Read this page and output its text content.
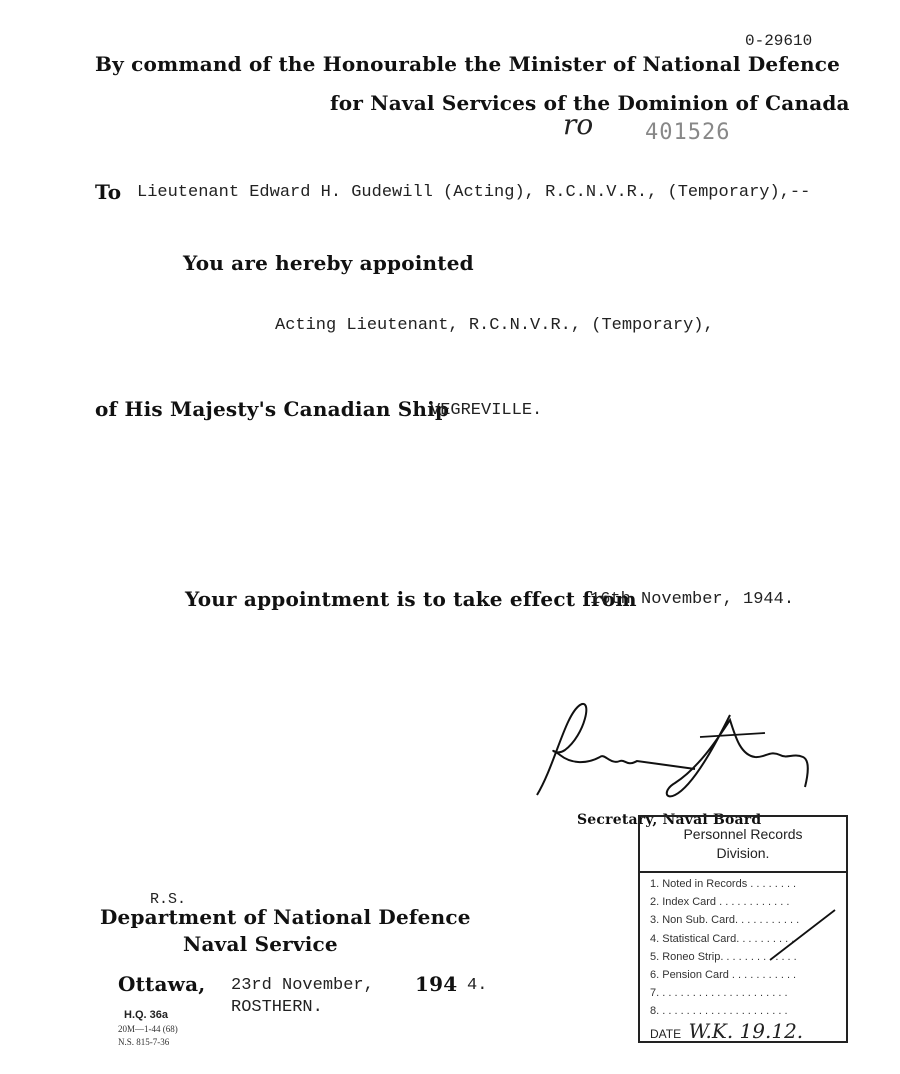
0-29610
By command of the Honourable the Minister of National Defence
for Naval Services of the Dominion of Canada
ro 401526
To Lieutenant Edward H. Gudewill (Acting), R.C.N.V.R., (Temporary),--
You are hereby appointed
Acting Lieutenant, R.C.N.V.R., (Temporary),
of His Majesty's Canadian Ship
VEGREVILLE.
Your appointment is to take effect from
16th November, 1944.
Secretary, Naval Board
R.S.
Department of National Defence
Naval Service
Ottawa, 23rd November, 194 4.
ROSTHERN.
H.Q. 36a
20M—1-44 (68)
N.S. 815-7-36
Personnel Records
Division.
1. Noted in Records . . . . . . . .
2. Index Card . . . . . . . . . . . .
3. Non Sub. Card. . . . . . . . . . .
4. Statistical Card. . . . . . . . . .
5. Roneo Strip. . . . . . . . . . . . .
6. Pension Card . . . . . . . . . . .
7. . . . . . . . . . . . . . . . . . . . . .
8. . . . . . . . . . . . . . . . . . . . . .
DATE W.K. 19.12.
